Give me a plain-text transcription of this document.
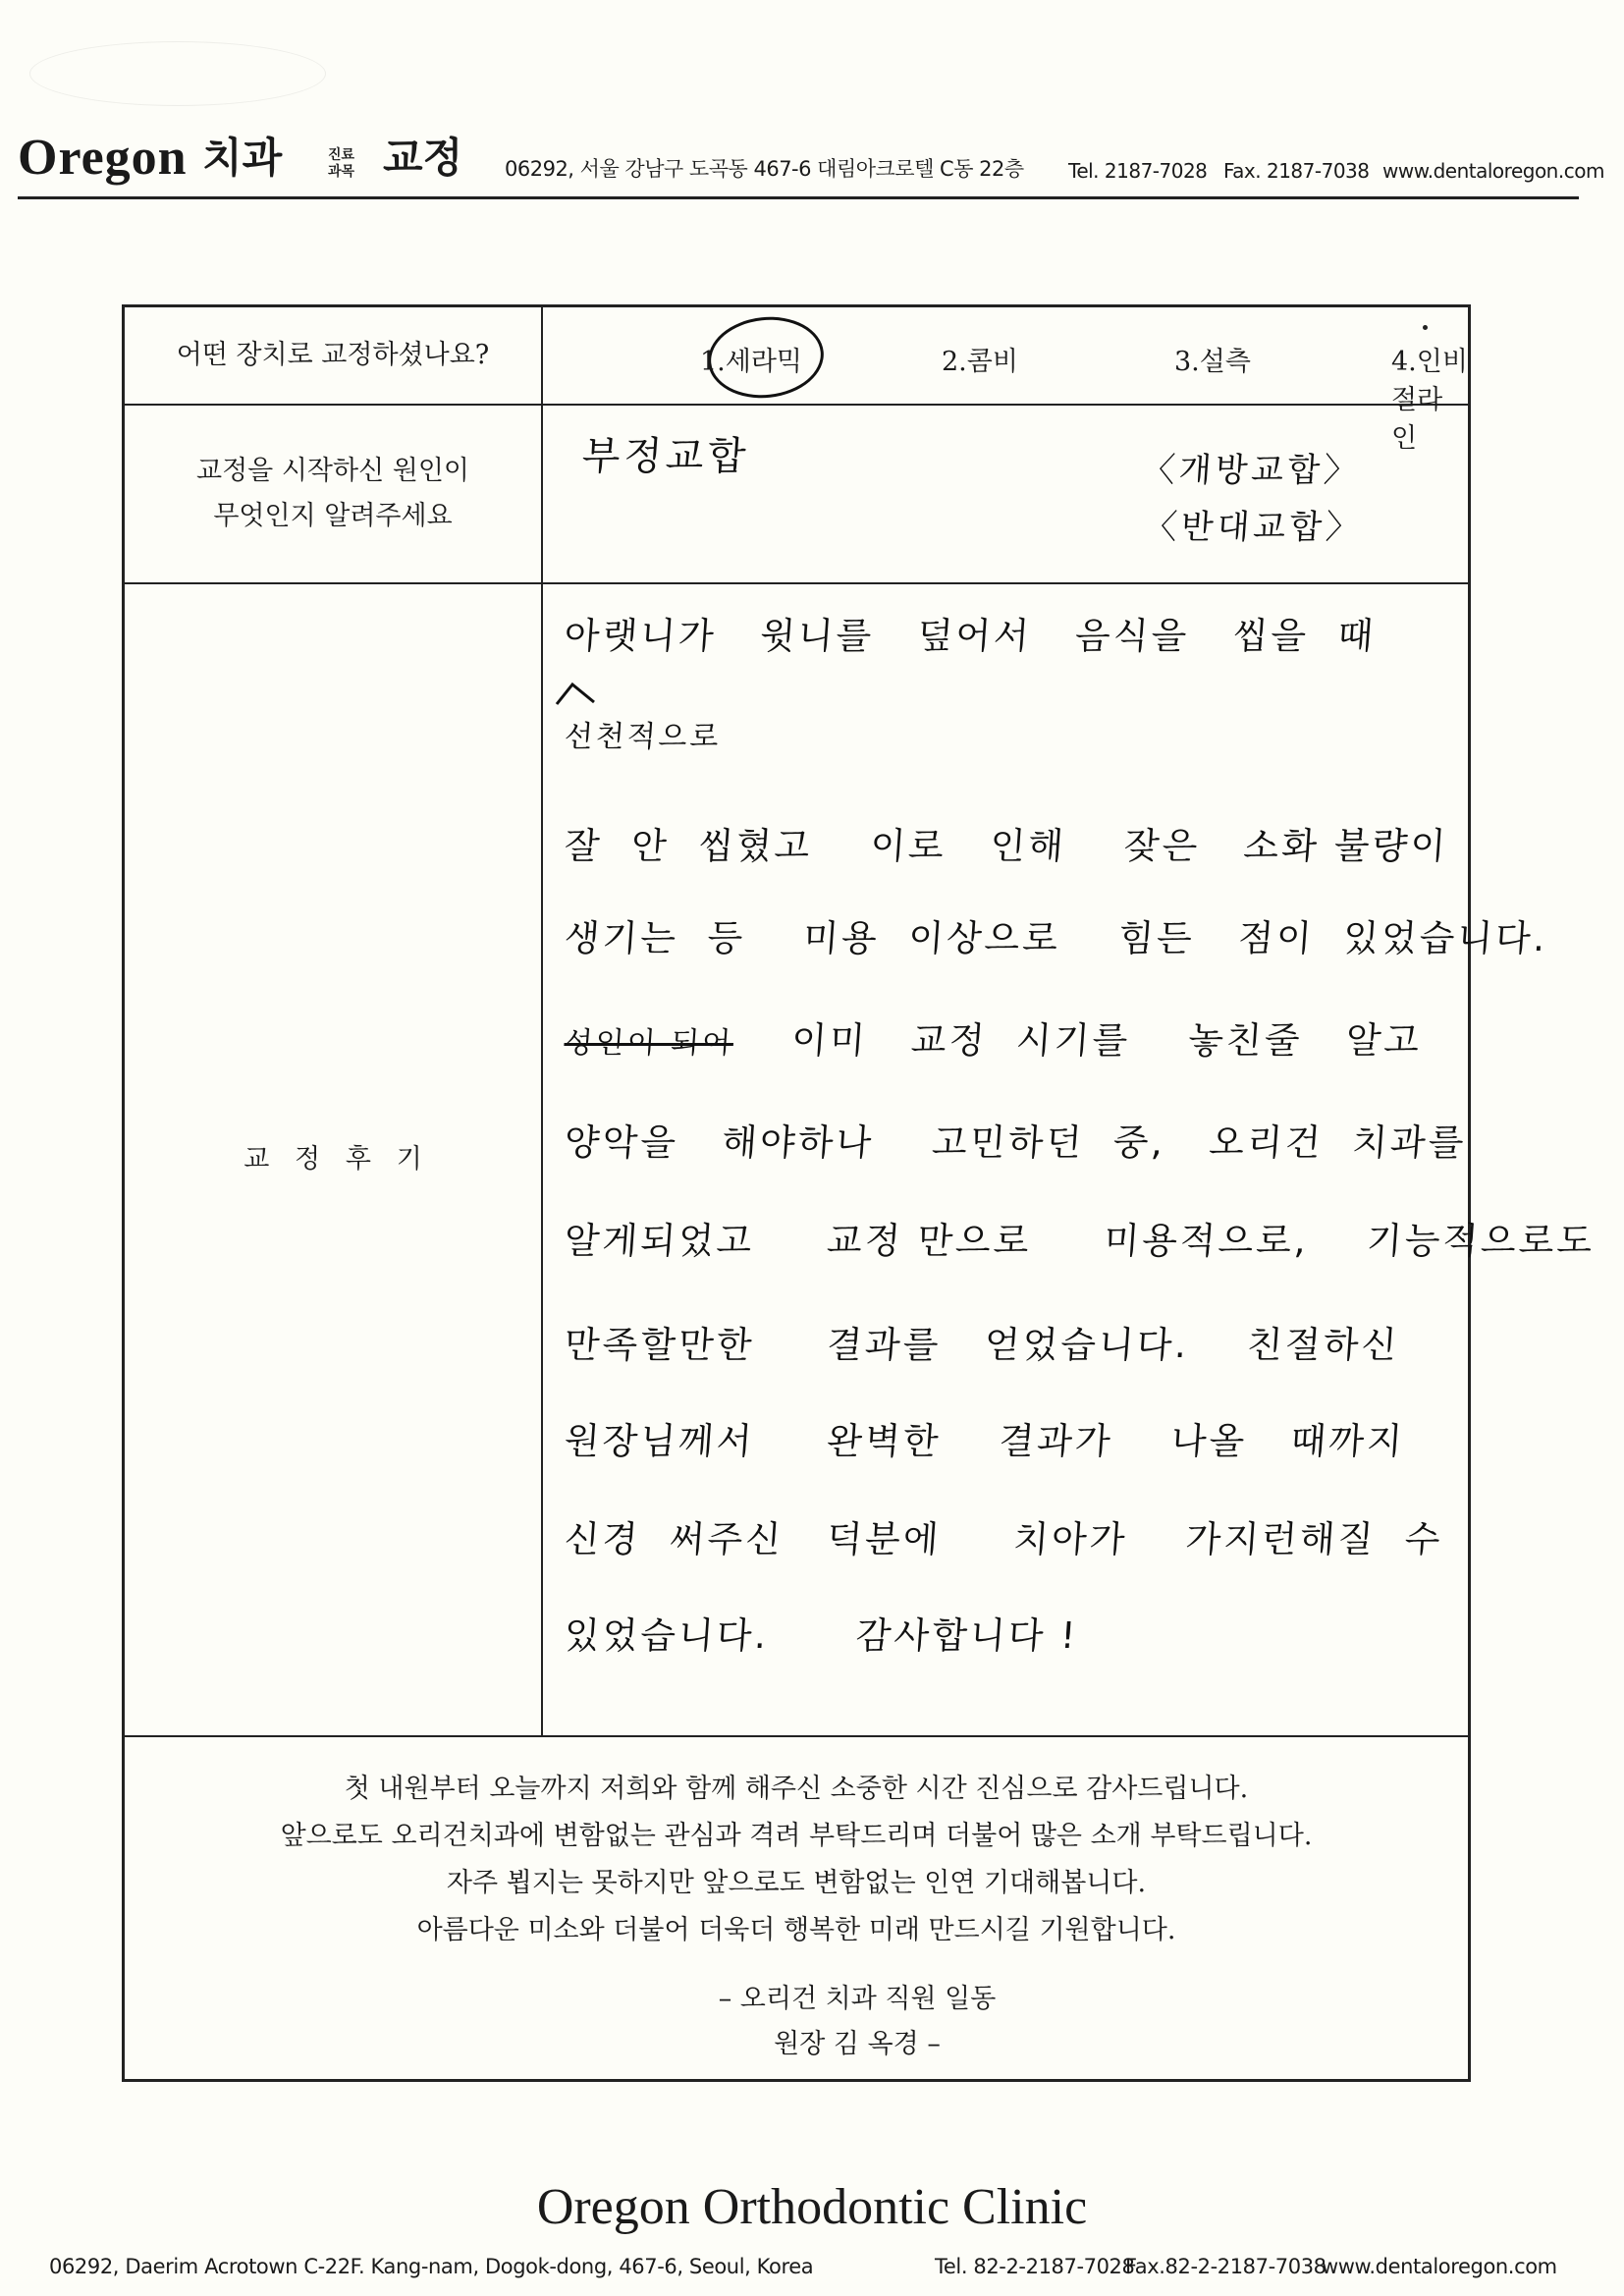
Oregon 치과	진료
과목 교정 06292, 서울 강남구 도곡동 467-6 대림아크로텔 C동 22층 Tel. 2187-7028 Fax. 2187-7038 www.dentaloregon.com
어떤 장치로 교정하셨나요?	1.세라믹	2.콤비	3.설측	4.인비절라인
교정을 시작하신 원인이
무엇인지 알려주세요
부정교합	〈개방교합〉
〈반대교합〉
교   정   후   기
아랫니가   윗니를   덮어서   음식을   씹을  때
선천적으로
잘  안  씹혔고    이로   인해    잦은   소화 불량이
생기는  등    미용  이상으로    힘든   점이  있었습니다.
성인이 되어 이미   교정  시기를    놓친줄   알고
양악을   해야하나    고민하던  중,   오리건  치과를
알게되었고     교정 만으로     미용적으로,    기능적으로도
만족할만한     결과를   얻었습니다.    친절하신
원장님께서     완벽한    결과가    나올   때까지
신경  써주신   덕분에     치아가    가지런해질  수
있었습니다.      감사합니다 !
첫 내원부터 오늘까지 저희와 함께 해주신 소중한 시간 진심으로 감사드립니다.
앞으로도 오리건치과에 변함없는 관심과 격려 부탁드리며 더불어 많은 소개 부탁드립니다.
자주 뵙지는 못하지만 앞으로도 변함없는 인연 기대해봅니다.
아름다운 미소와 더불어 더욱더 행복한 미래 만드시길 기원합니다.
– 오리건 치과 직원 일동
원장 김 옥경 –
Oregon Orthodontic Clinic
06292, Daerim Acrotown C-22F. Kang-nam, Dogok-dong, 467-6, Seoul, Korea	Tel. 82-2-2187-7028
Fax.82-2-2187-7038
www.dentaloregon.com
